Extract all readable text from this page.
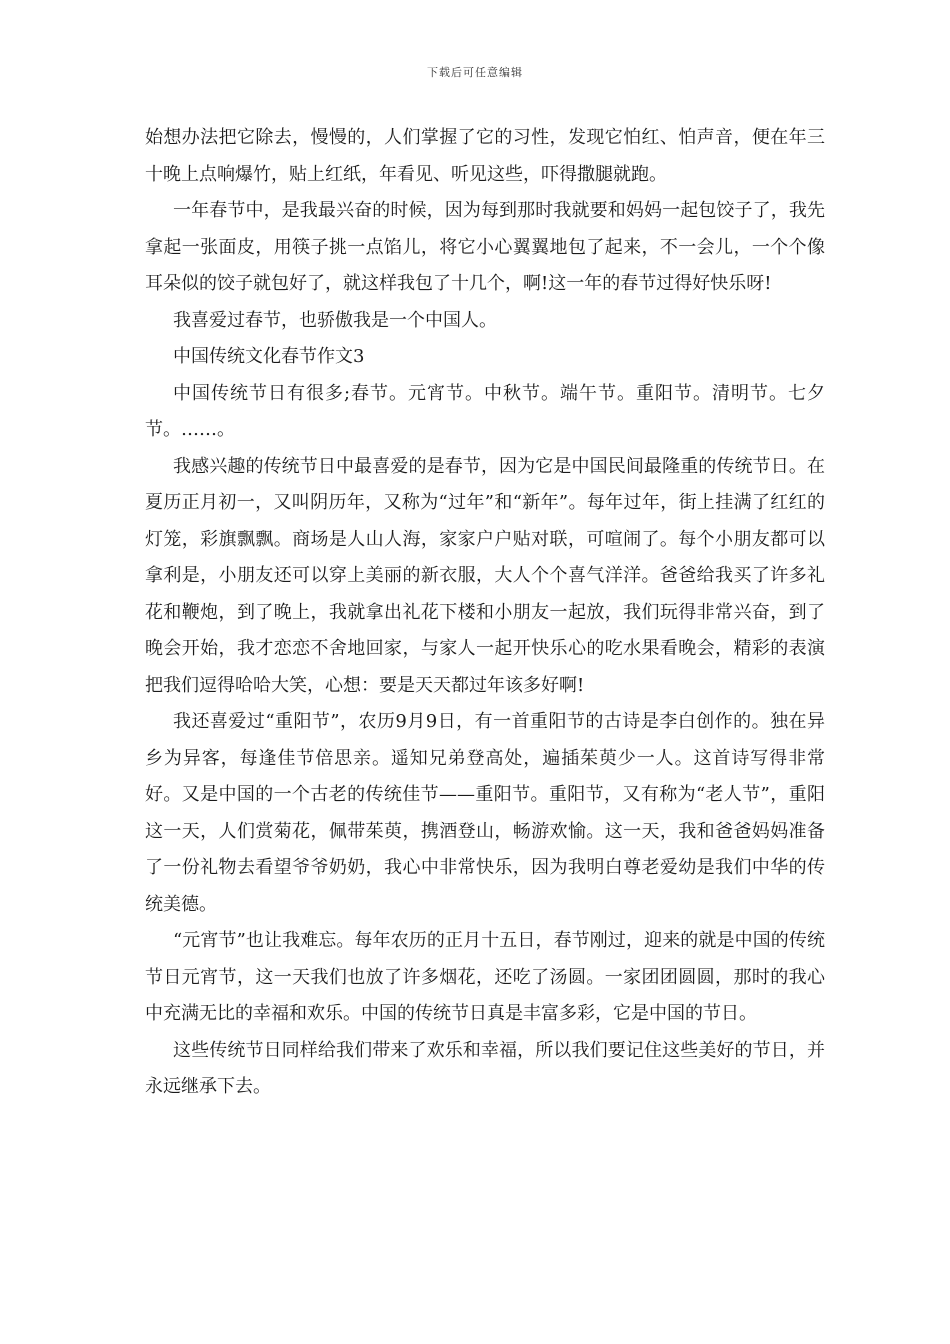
下载后可任意编辑

始想办法把它除去，慢慢的，人们掌握了它的习性，发现它怕红、怕声音，便在年三十晚上点响爆竹，贴上红纸，年看见、听见这些，吓得撒腿就跑。

一年春节中，是我最兴奋的时候，因为每到那时我就要和妈妈一起包饺子了，我先拿起一张面皮，用筷子挑一点馅儿，将它小心翼翼地包了起来，不一会儿，一个个像耳朵似的饺子就包好了，就这样我包了十几个，啊!这一年的春节过得好快乐呀!

我喜爱过春节，也骄傲我是一个中国人。

中国传统文化春节作文3

中国传统节日有很多;春节。元宵节。中秋节。端午节。重阳节。清明节。七夕节。……。

我感兴趣的传统节日中最喜爱的是春节，因为它是中国民间最隆重的传统节日。在夏历正月初一，又叫阴历年，又称为“过年”和“新年”。每年过年，街上挂满了红红的灯笼，彩旗飘飘。商场是人山人海，家家户户贴对联，可喧闹了。每个小朋友都可以拿利是，小朋友还可以穿上美丽的新衣服，大人个个喜气洋洋。爸爸给我买了许多礼花和鞭炮，到了晚上，我就拿出礼花下楼和小朋友一起放，我们玩得非常兴奋，到了晚会开始，我才恋恋不舍地回家，与家人一起开快乐心的吃水果看晚会，精彩的表演把我们逗得哈哈大笑，心想：要是天天都过年该多好啊!

我还喜爱过“重阳节”，农历9月9日，有一首重阳节的古诗是李白创作的。独在异乡为异客，每逢佳节倍思亲。遥知兄弟登高处，遍插茱萸少一人。这首诗写得非常好。又是中国的一个古老的传统佳节——重阳节。重阳节，又有称为“老人节”，重阳这一天，人们赏菊花，佩带茱萸，携酒登山，畅游欢愉。这一天，我和爸爸妈妈准备了一份礼物去看望爷爷奶奶，我心中非常快乐，因为我明白尊老爱幼是我们中华的传统美德。

“元宵节”也让我难忘。每年农历的正月十五日，春节刚过，迎来的就是中国的传统节日元宵节，这一天我们也放了许多烟花，还吃了汤圆。一家团团圆圆，那时的我心中充满无比的幸福和欢乐。中国的传统节日真是丰富多彩，它是中国的节日。

这些传统节日同样给我们带来了欢乐和幸福，所以我们要记住这些美好的节日，并永远继承下去。
